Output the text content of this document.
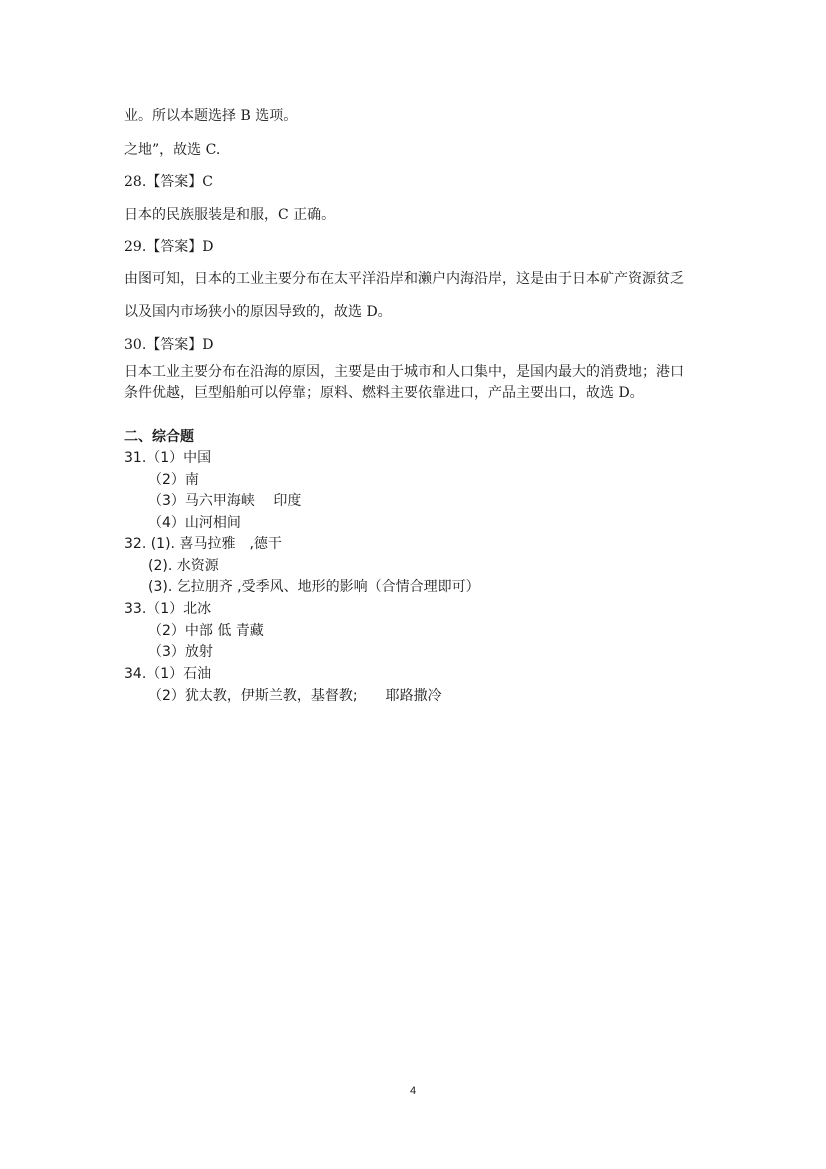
业。所以本题选择 B 选项。
之地”，故选 C.
28.【答案】C
日本的民族服装是和服，C 正确。
29.【答案】D
由图可知，日本的工业主要分布在太平洋沿岸和濑户内海沿岸，这是由于日本矿产资源贫乏
以及国内市场狭小的原因导致的，故选 D。
30.【答案】D
日本工业主要分布在沿海的原因，主要是由于城市和人口集中，是国内最大的消费地；港口
条件优越，巨型船舶可以停靠；原料、燃料主要依靠进口，产品主要出口，故选 D。
二、综合题
31.（1）中国
（2）南
（3）马六甲海峡　 印度
（4）山河相间
32. (1). 喜马拉雅　,德干
(2). 水资源
(3). 乞拉朋齐 ,受季风、地形的影响（合情合理即可）
33.（1）北冰
（2）中部 低 青藏
（3）放射
34.（1）石油
（2）犹太教，伊斯兰教，基督教;　　耶路撒冷
4
